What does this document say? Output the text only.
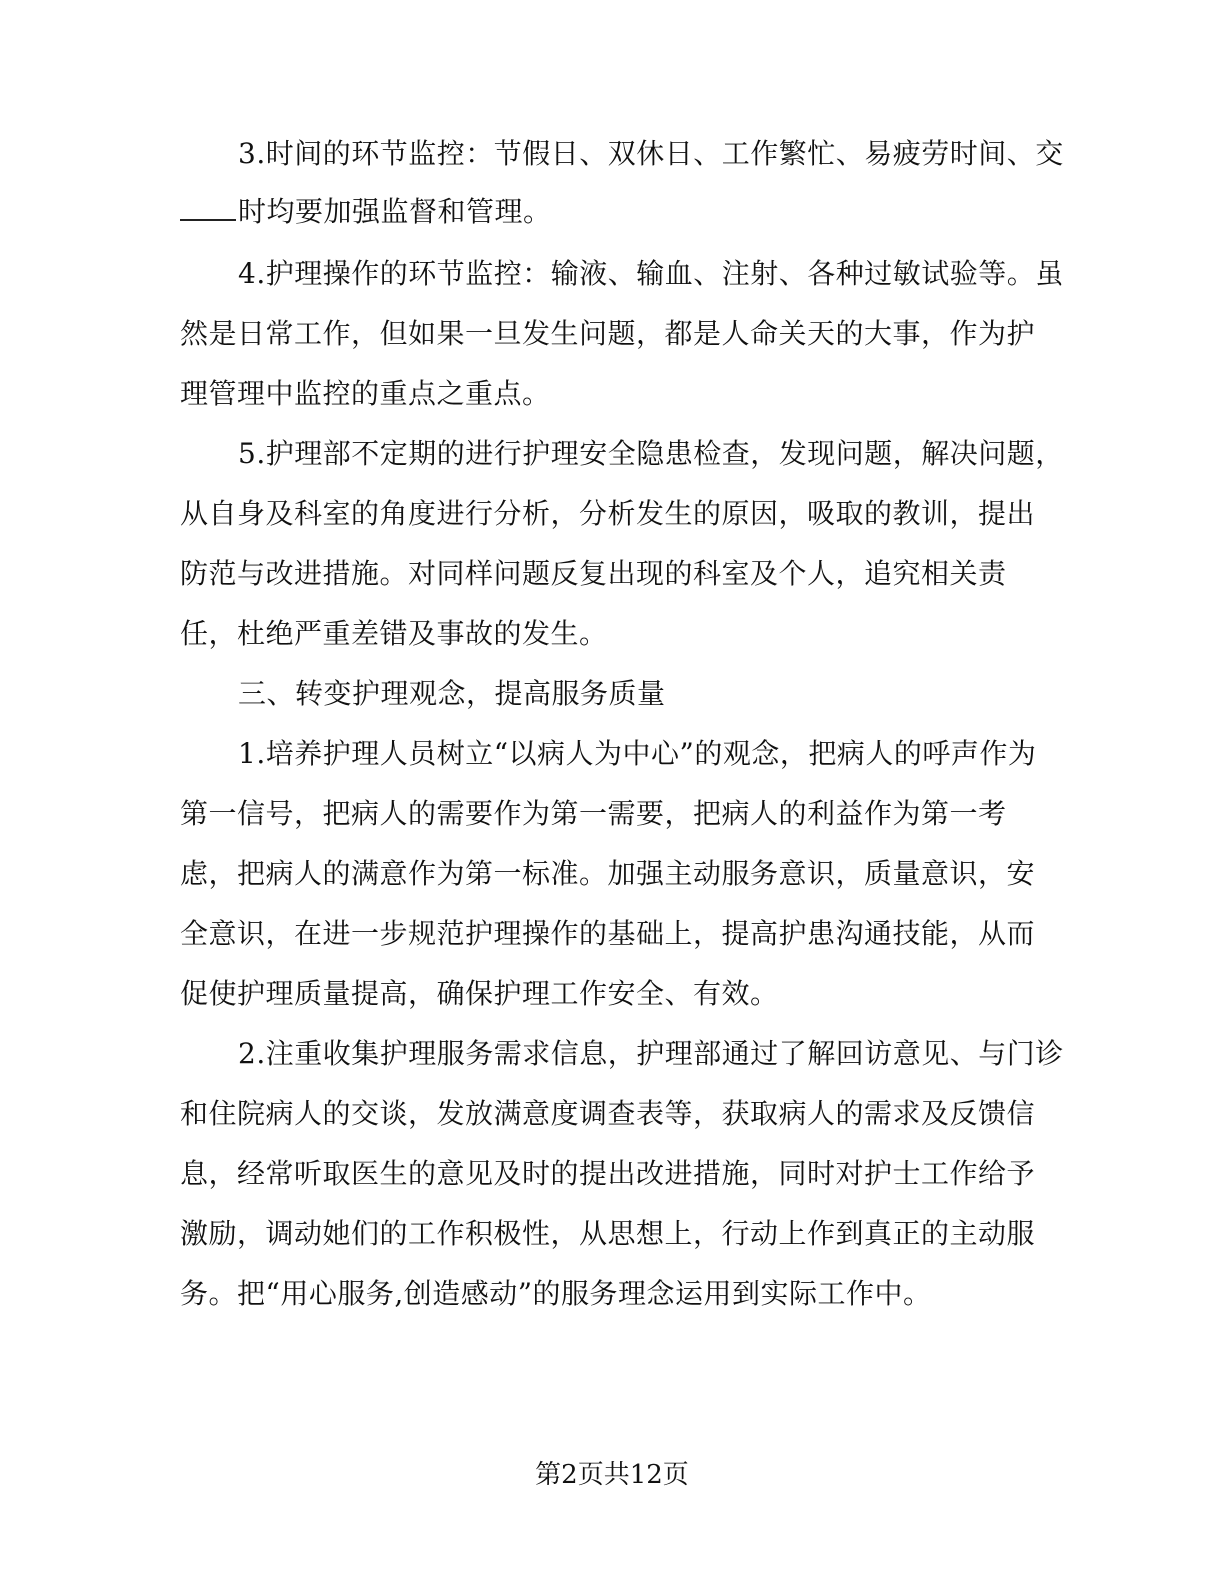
3.时间的环节监控：节假日、双休日、工作繁忙、易疲劳时间、交
时均要加强监督和管理。
4.护理操作的环节监控：输液、输血、注射、各种过敏试验等。虽
然是日常工作，但如果一旦发生问题，都是人命关天的大事，作为护
理管理中监控的重点之重点。
5.护理部不定期的进行护理安全隐患检查，发现问题，解决问题，
从自身及科室的角度进行分析，分析发生的原因，吸取的教训，提出
防范与改进措施。对同样问题反复出现的科室及个人，追究相关责
任，杜绝严重差错及事故的发生。
三、转变护理观念，提高服务质量
1.培养护理人员树立“以病人为中心”的观念，把病人的呼声作为
第一信号，把病人的需要作为第一需要，把病人的利益作为第一考
虑，把病人的满意作为第一标准。加强主动服务意识，质量意识，安
全意识，在进一步规范护理操作的基础上，提高护患沟通技能，从而
促使护理质量提高，确保护理工作安全、有效。
2.注重收集护理服务需求信息，护理部通过了解回访意见、与门诊
和住院病人的交谈，发放满意度调查表等，获取病人的需求及反馈信
息，经常听取医生的意见及时的提出改进措施，同时对护士工作给予
激励，调动她们的工作积极性，从思想上，行动上作到真正的主动服
务。把“用心服务,创造感动”的服务理念运用到实际工作中。
第2页共12页
